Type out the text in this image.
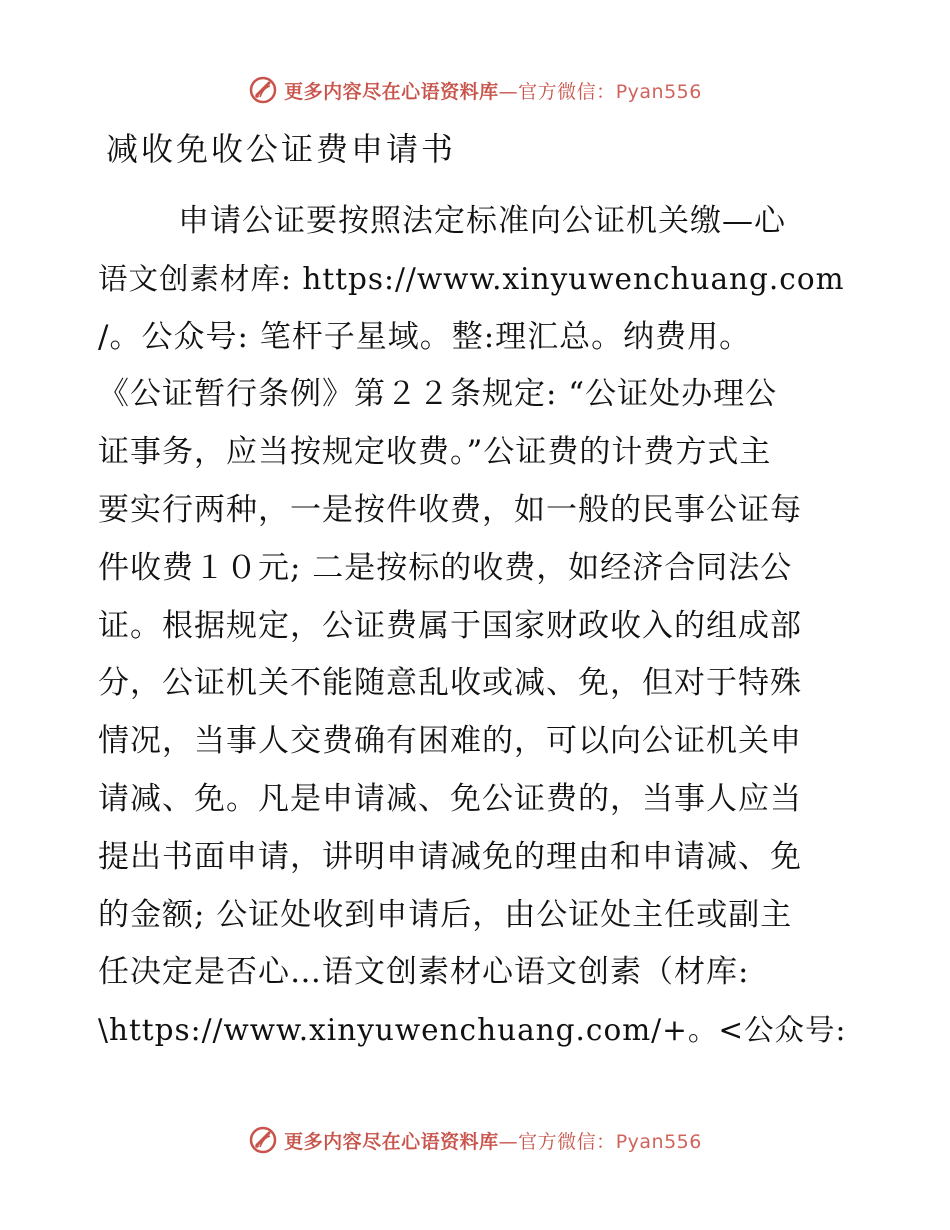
更多内容尽在心语资料库—官方微信：Pyan556
减收免收公证费申请书
申请公证要按照法定标准向公证机关缴—心
语文创素材库: https://www.xinyuwenchuang.com
/。公众号: 笔杆子星域。整:理汇总。纳费用。
《公证暂行条例》第２２条规定: “公证处办理公
证事务，应当按规定收费。”公证费的计费方式主
要实行两种，一是按件收费，如一般的民事公证每
件收费１０元; 二是按标的收费，如经济合同法公
证。根据规定，公证费属于国家财政收入的组成部
分，公证机关不能随意乱收或减、免，但对于特殊
情况，当事人交费确有困难的，可以向公证机关申
请减、免。凡是申请减、免公证费的，当事人应当
提出书面申请，讲明申请减免的理由和申请减、免
的金额; 公证处收到申请后，由公证处主任或副主
任决定是否心…语文创素材心语文创素（材库:
\https://www.xinyuwenchuang.com/+。<公众号:
更多内容尽在心语资料库—官方微信：Pyan556
